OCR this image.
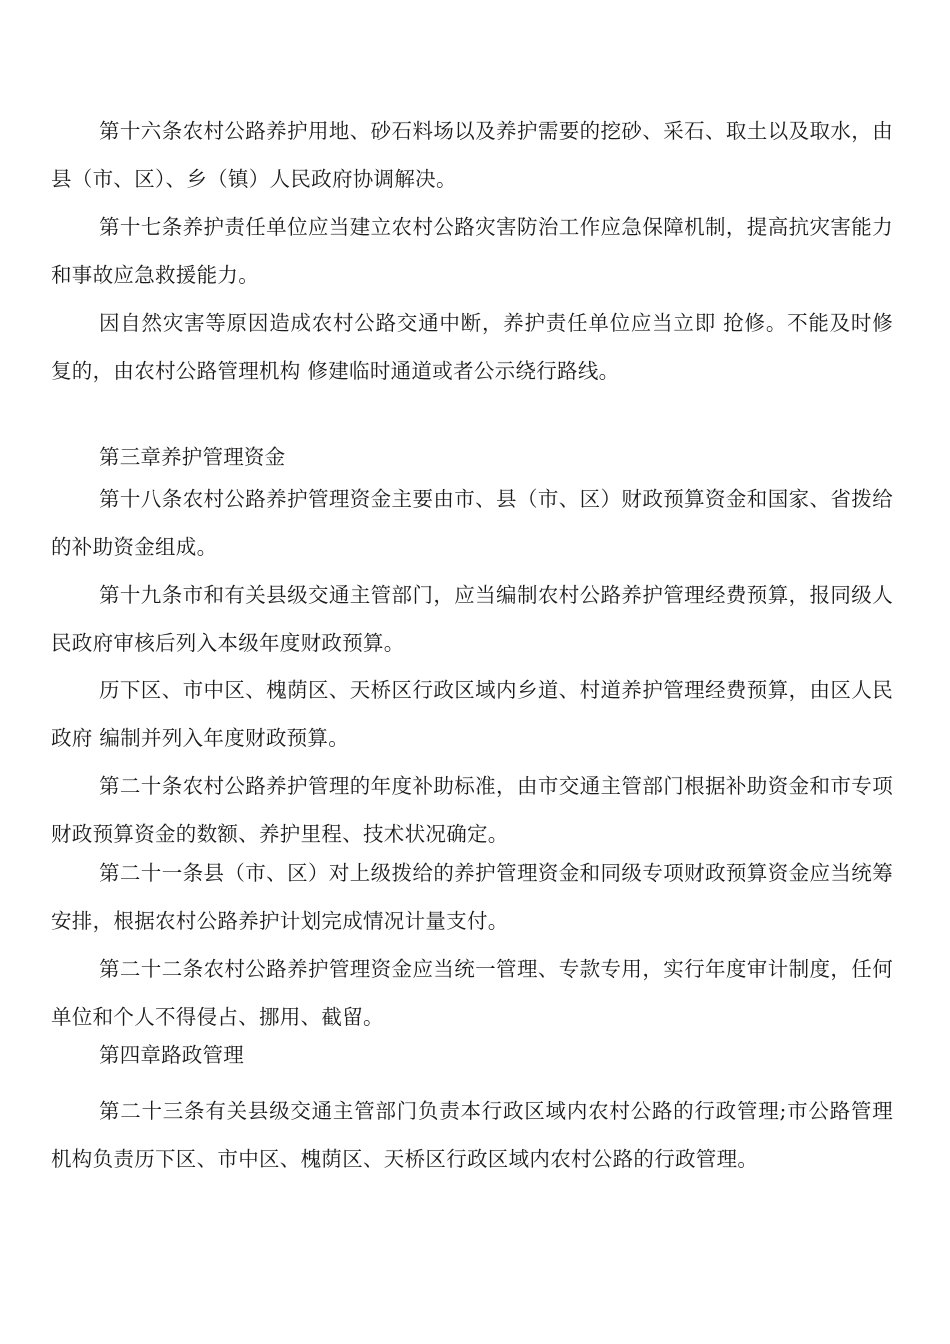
第十六条农村公路养护用地、砂石料场以及养护需要的挖砂、采石、取土以及取水，由县（市、区）、乡（镇）人民政府协调解决。

第十七条养护责任单位应当建立农村公路灾害防治工作应急保障机制，提高抗灾害能力和事故应急救援能力。

因自然灾害等原因造成农村公路交通中断，养护责任单位应当立即 抢修。不能及时修复的，由农村公路管理机构 修建临时通道或者公示绕行路线。

第三章养护管理资金

第十八条农村公路养护管理资金主要由市、县（市、区）财政预算资金和国家、省拨给的补助资金组成。

第十九条市和有关县级交通主管部门，应当编制农村公路养护管理经费预算，报同级人民政府审核后列入本级年度财政预算。

历下区、市中区、槐荫区、天桥区行政区域内乡道、村道养护管理经费预算，由区人民政府 编制并列入年度财政预算。

第二十条农村公路养护管理的年度补助标准，由市交通主管部门根据补助资金和市专项财政预算资金的数额、养护里程、技术状况确定。

第二十一条县（市、区）对上级拨给的养护管理资金和同级专项财政预算资金应当统筹安排，根据农村公路养护计划完成情况计量支付。

第二十二条农村公路养护管理资金应当统一管理、专款专用，实行年度审计制度，任何单位和个人不得侵占、挪用、截留。

第四章路政管理

第二十三条有关县级交通主管部门负责本行政区域内农村公路的行政管理;市公路管理机构负责历下区、市中区、槐荫区、天桥区行政区域内农村公路的行政管理。
